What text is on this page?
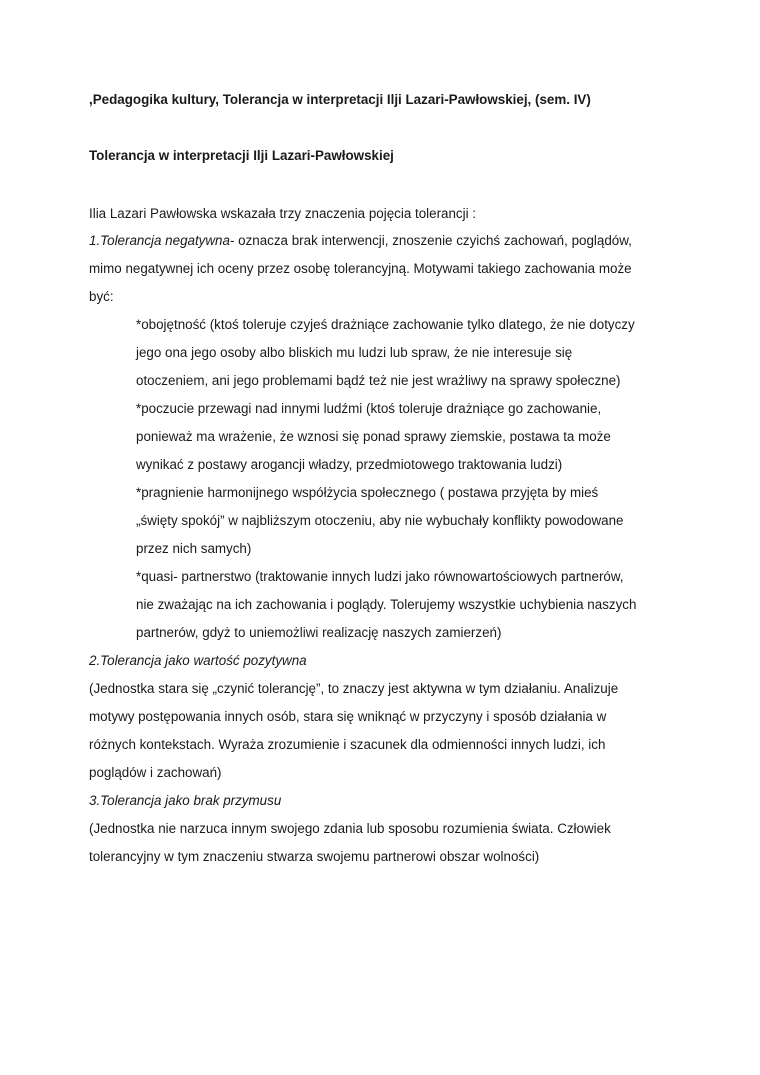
,Pedagogika kultury, Tolerancja w interpretacji Ilji Lazari-Pawłowskiej, (sem. IV)
Tolerancja w interpretacji Ilji Lazari-Pawłowskiej
Ilia Lazari Pawłowska wskazała trzy znaczenia pojęcia tolerancji :
1.Tolerancja negatywna- oznacza brak interwencji, znoszenie czyichś zachowań, poglądów,
mimo negatywnej ich oceny przez osobę tolerancyjną. Motywami takiego zachowania może
być:
*obojętność (ktoś toleruje czyjeś drażniące zachowanie tylko dlatego, że nie dotyczy
jego ona jego osoby albo bliskich mu ludzi lub spraw, że nie interesuje się
otoczeniem, ani jego problemami bądź też nie jest wrażliwy na sprawy społeczne)
*poczucie przewagi nad innymi ludźmi (ktoś toleruje drażniące go zachowanie,
ponieważ ma wrażenie, że wznosi się ponad sprawy ziemskie, postawa ta może
wynikać z postawy arogancji władzy, przedmiotowego traktowania ludzi)
*pragnienie harmonijnego współżycia społecznego ( postawa przyjęta by mieś
„święty spokój” w najbliższym otoczeniu, aby nie wybuchały konflikty powodowane
przez nich samych)
*quasi- partnerstwo (traktowanie innych ludzi jako równowartościowych partnerów,
nie zważając na ich zachowania i poglądy. Tolerujemy wszystkie uchybienia naszych
partnerów, gdyż to uniemożliwi realizację naszych zamierzeń)
2.Tolerancja jako wartość pozytywna
(Jednostka stara się „czynić tolerancję”, to znaczy jest aktywna w tym działaniu. Analizuje
motywy postępowania innych osób, stara się wniknąć w przyczyny i sposób działania w
różnych kontekstach. Wyraża zrozumienie i szacunek dla odmienności innych ludzi, ich
poglądów i zachowań)
3.Tolerancja jako brak przymusu
(Jednostka nie narzuca innym swojego zdania lub sposobu rozumienia świata. Człowiek
tolerancyjny w tym znaczeniu stwarza swojemu partnerowi obszar wolności)
